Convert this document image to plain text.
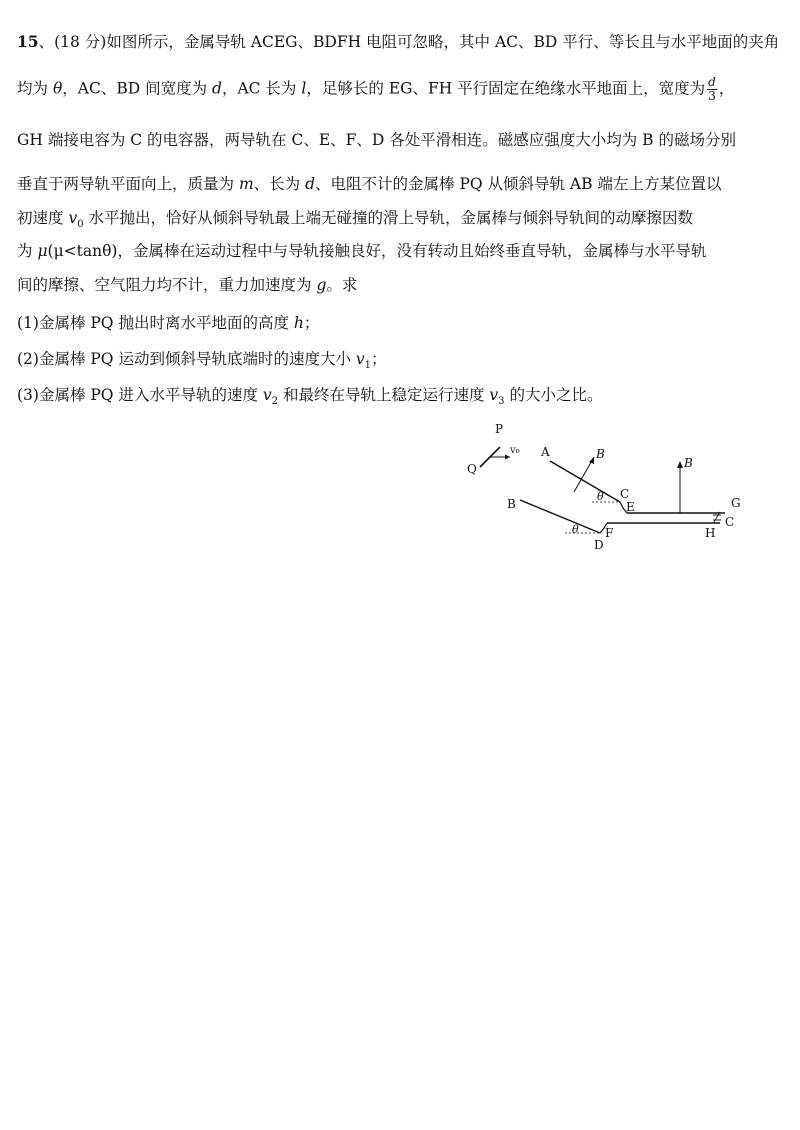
15、(18 分)如图所示，金属导轨 ACEG、BDFH 电阻可忽略，其中 AC、BD 平行、等长且与水平地面的夹角
均为 θ，AC、BD 间宽度为 d，AC 长为 l，足够长的 EG、FH 平行固定在绝缘水平地面上，宽度为 $\frac{d}{3}$ ，
GH 端接电容为 C 的电容器，两导轨在 C、E、F、D 各处平滑相连。磁感应强度大小均为 B 的磁场分别
垂直于两导轨平面向上，质量为 m、长为 d、电阻不计的金属棒 PQ 从倾斜导轨 AB 端左上方某位置以
初速度 $v_0$ 水平抛出，恰好从倾斜导轨最上端无碰撞的滑上导轨，金属棒与倾斜导轨间的动摩擦因数
为 μ(μ<tanθ)，金属棒在运动过程中与导轨接触良好，没有转动且始终垂直导轨，金属棒与水平导轨
间的摩擦、空气阻力均不计，重力加速度为 g。求
(1)金属棒 PQ 抛出时离水平地面的高度 h；
(2)金属棒 PQ 运动到倾斜导轨底端时的速度大小 $v_1$；
(3)金属棒 PQ 进入水平导轨的速度 $v_2$ 和最终在导轨上稳定运行速度 $v_3$ 的大小之比。
P
Q
v₀ A	B
θ C
E	G
B
θ
D
F	H
B
C
